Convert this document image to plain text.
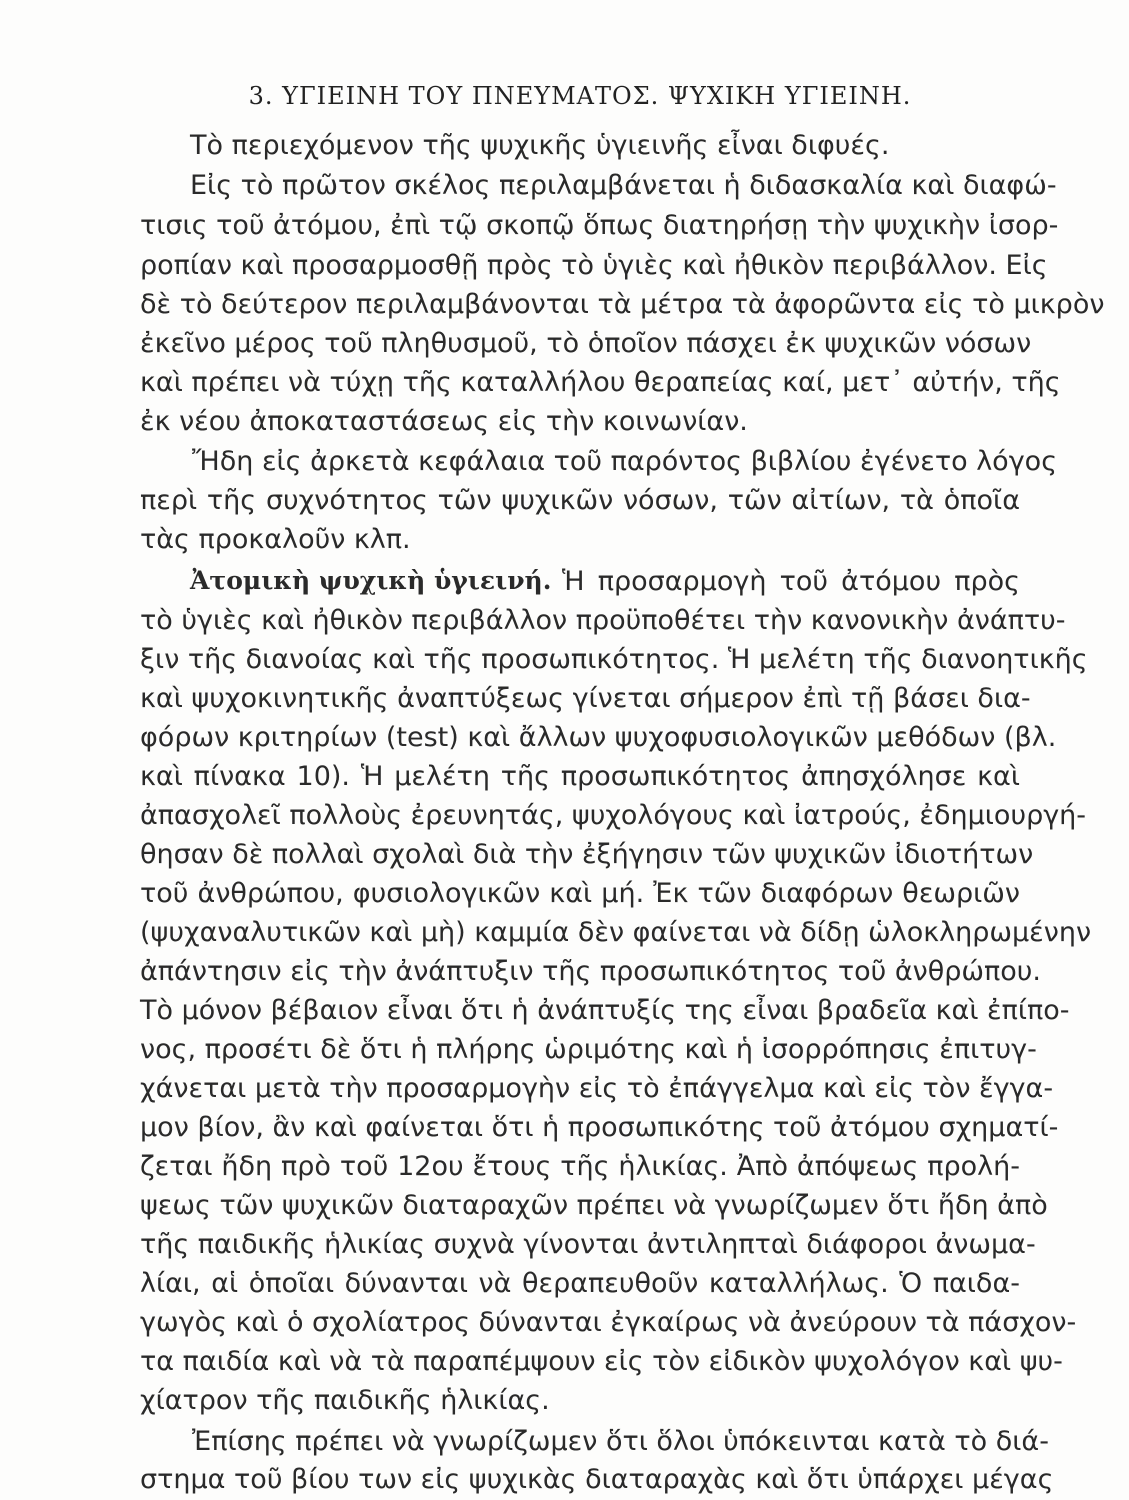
3. ΥΓΙΕΙΝΗ ΤΟΥ ΠΝΕΥΜΑΤΟΣ. ΨΥΧΙΚΗ ΥΓΙΕΙΝΗ.
Τὸ περιεχόμενον τῆς ψυχικῆς ὑγιεινῆς εἶναι διφυές.
Εἰς τὸ πρῶτον σκέλος περιλαμβάνεται ἡ διδασκαλία καὶ διαφώ-
τισις τοῦ ἀτόμου, ἐπὶ τῷ σκοπῷ ὅπως διατηρήσῃ τὴν ψυχικὴν ἰσορ-
ροπίαν καὶ προσαρμοσθῇ πρὸς τὸ ὑγιὲς καὶ ἠθικὸν περιβάλλον. Εἰς
δὲ τὸ δεύτερον περιλαμβάνονται τὰ μέτρα τὰ ἀφορῶντα εἰς τὸ μικρὸν
ἐκεῖνο μέρος τοῦ πληθυσμοῦ, τὸ ὁποῖον πάσχει ἐκ ψυχικῶν νόσων
καὶ πρέπει νὰ τύχῃ τῆς καταλλήλου θεραπείας καί, μετ᾽ αὐτήν, τῆς
ἐκ νέου ἀποκαταστάσεως εἰς τὴν κοινωνίαν.
Ἤδη εἰς ἀρκετὰ κεφάλαια τοῦ παρόντος βιβλίου ἐγένετο λόγος
περὶ τῆς συχνότητος τῶν ψυχικῶν νόσων, τῶν αἰτίων, τὰ ὁποῖα
τὰς προκαλοῦν κλπ.
Ἀτομικὴ ψυχικὴ ὑγιεινή. Ἡ προσαρμογὴ τοῦ ἀτόμου πρὸς
τὸ ὑγιὲς καὶ ἠθικὸν περιβάλλον προϋποθέτει τὴν κανονικὴν ἀνάπτυ-
ξιν τῆς διανοίας καὶ τῆς προσωπικότητος. Ἡ μελέτη τῆς διανοητικῆς
καὶ ψυχοκινητικῆς ἀναπτύξεως γίνεται σήμερον ἐπὶ τῇ βάσει δια-
φόρων κριτηρίων (test) καὶ ἄλλων ψυχοφυσιολογικῶν μεθόδων (βλ.
καὶ πίνακα 10). Ἡ μελέτη τῆς προσωπικότητος ἀπησχόλησε καὶ
ἀπασχολεῖ πολλοὺς ἐρευνητάς, ψυχολόγους καὶ ἰατρούς, ἐδημιουργή-
θησαν δὲ πολλαὶ σχολαὶ διὰ τὴν ἐξήγησιν τῶν ψυχικῶν ἰδιοτήτων
τοῦ ἀνθρώπου, φυσιολογικῶν καὶ μή. Ἐκ τῶν διαφόρων θεωριῶν
(ψυχαναλυτικῶν καὶ μὴ) καμμία δὲν φαίνεται νὰ δίδῃ ὡλοκληρωμένην
ἀπάντησιν εἰς τὴν ἀνάπτυξιν τῆς προσωπικότητος τοῦ ἀνθρώπου.
Τὸ μόνον βέβαιον εἶναι ὅτι ἡ ἀνάπτυξίς της εἶναι βραδεῖα καὶ ἐπίπο-
νος, προσέτι δὲ ὅτι ἡ πλήρης ὡριμότης καὶ ἡ ἰσορρόπησις ἐπιτυγ-
χάνεται μετὰ τὴν προσαρμογὴν εἰς τὸ ἐπάγγελμα καὶ εἰς τὸν ἔγγα-
μον βίον, ἂν καὶ φαίνεται ὅτι ἡ προσωπικότης τοῦ ἀτόμου σχηματί-
ζεται ἤδη πρὸ τοῦ 12ου ἔτους τῆς ἡλικίας. Ἀπὸ ἀπόψεως προλή-
ψεως τῶν ψυχικῶν διαταραχῶν πρέπει νὰ γνωρίζωμεν ὅτι ἤδη ἀπὸ
τῆς παιδικῆς ἡλικίας συχνὰ γίνονται ἀντιληπταὶ διάφοροι ἀνωμα-
λίαι, αἱ ὁποῖαι δύνανται νὰ θεραπευθοῦν καταλλήλως. Ὁ παιδα-
γωγὸς καὶ ὁ σχολίατρος δύνανται ἐγκαίρως νὰ ἀνεύρουν τὰ πάσχον-
τα παιδία καὶ νὰ τὰ παραπέμψουν εἰς τὸν εἰδικὸν ψυχολόγον καὶ ψυ-
χίατρον τῆς παιδικῆς ἡλικίας.
Ἐπίσης πρέπει νὰ γνωρίζωμεν ὅτι ὅλοι ὑπόκεινται κατὰ τὸ διά-
στημα τοῦ βίου των εἰς ψυχικὰς διαταραχὰς καὶ ὅτι ὑπάρχει μέγας
